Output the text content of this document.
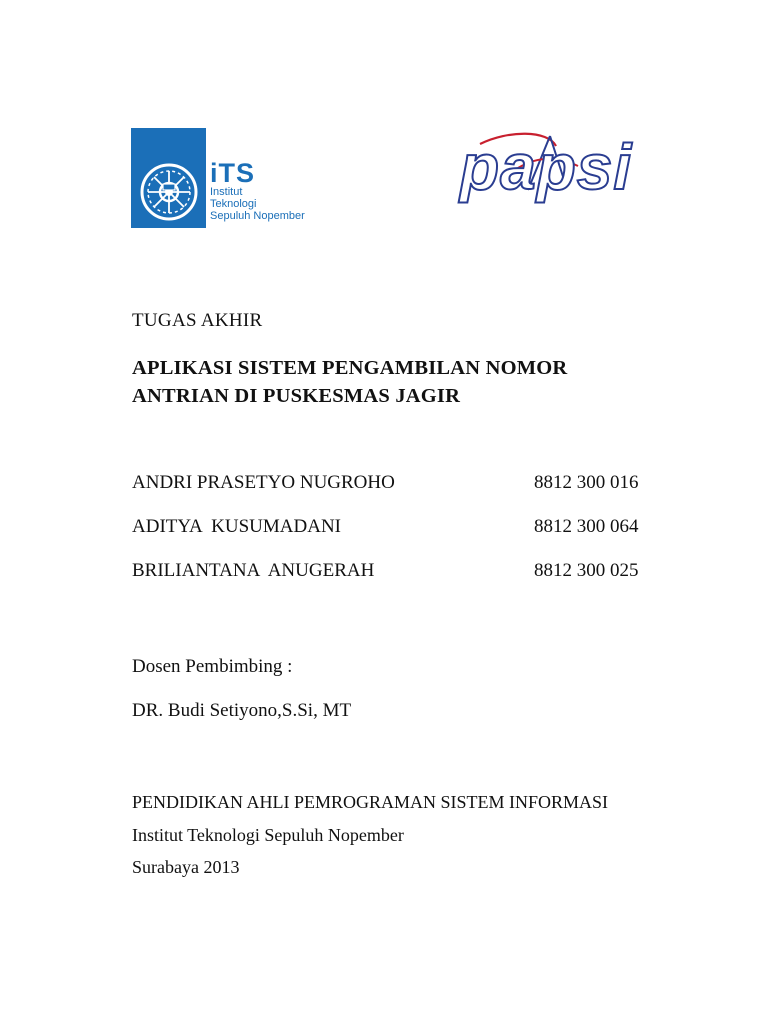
iTS
Institut
Teknologi
Sepuluh Nopember
papsi
TUGAS AKHIR
APLIKASI SISTEM PENGAMBILAN NOMOR
ANTRIAN DI PUSKESMAS JAGIR
ANDRI PRASETYO NUGROHO	8812 300 016
ADITYA  KUSUMADANI	8812 300 064
BRILIANTANA  ANUGERAH	8812 300 025
Dosen Pembimbing :
DR. Budi Setiyono,S.Si, MT
PENDIDIKAN AHLI PEMROGRAMAN SISTEM INFORMASI
Institut Teknologi Sepuluh Nopember
Surabaya 2013
